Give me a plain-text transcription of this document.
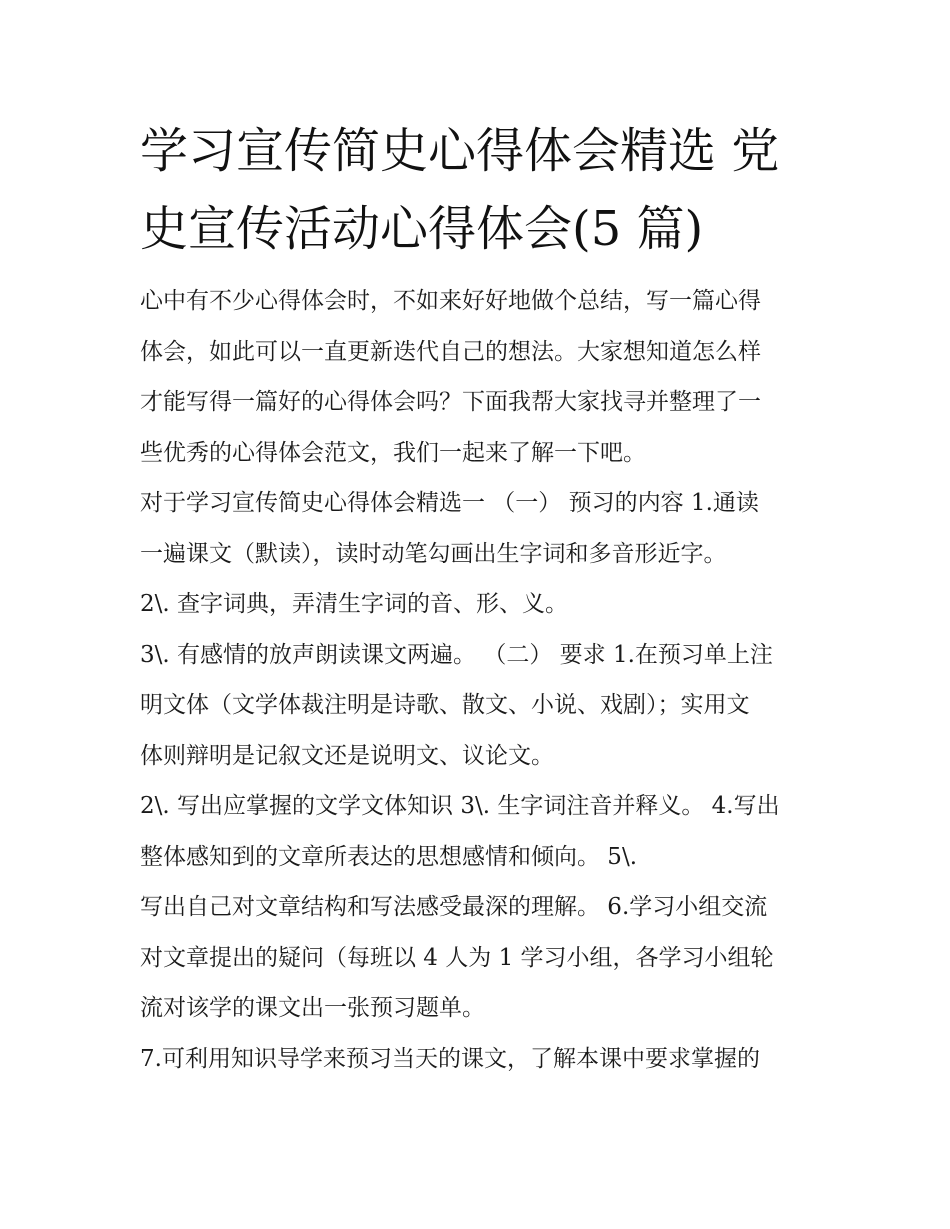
学习宣传简史心得体会精选 党
史宣传活动心得体会(5 篇)
心中有不少心得体会时，不如来好好地做个总结，写一篇心得
体会，如此可以一直更新迭代自己的想法。大家想知道怎么样
才能写得一篇好的心得体会吗？下面我帮大家找寻并整理了一
些优秀的心得体会范文，我们一起来了解一下吧。
对于学习宣传简史心得体会精选一 （一） 预习的内容 1.通读
一遍课文（默读），读时动笔勾画出生字词和多音形近字。
2\. 查字词典，弄清生字词的音、形、义。
3\. 有感情的放声朗读课文两遍。 （二） 要求 1.在预习单上注
明文体（文学体裁注明是诗歌、散文、小说、戏剧）；实用文
体则辩明是记叙文还是说明文、议论文。
2\. 写出应掌握的文学文体知识 3\. 生字词注音并释义。 4.写出
整体感知到的文章所表达的思想感情和倾向。 5\.
写出自己对文章结构和写法感受最深的理解。 6.学习小组交流
对文章提出的疑问（每班以 4 人为 1 学习小组，各学习小组轮
流对该学的课文出一张预习题单。
7.可利用知识导学来预习当天的课文，了解本课中要求掌握的
